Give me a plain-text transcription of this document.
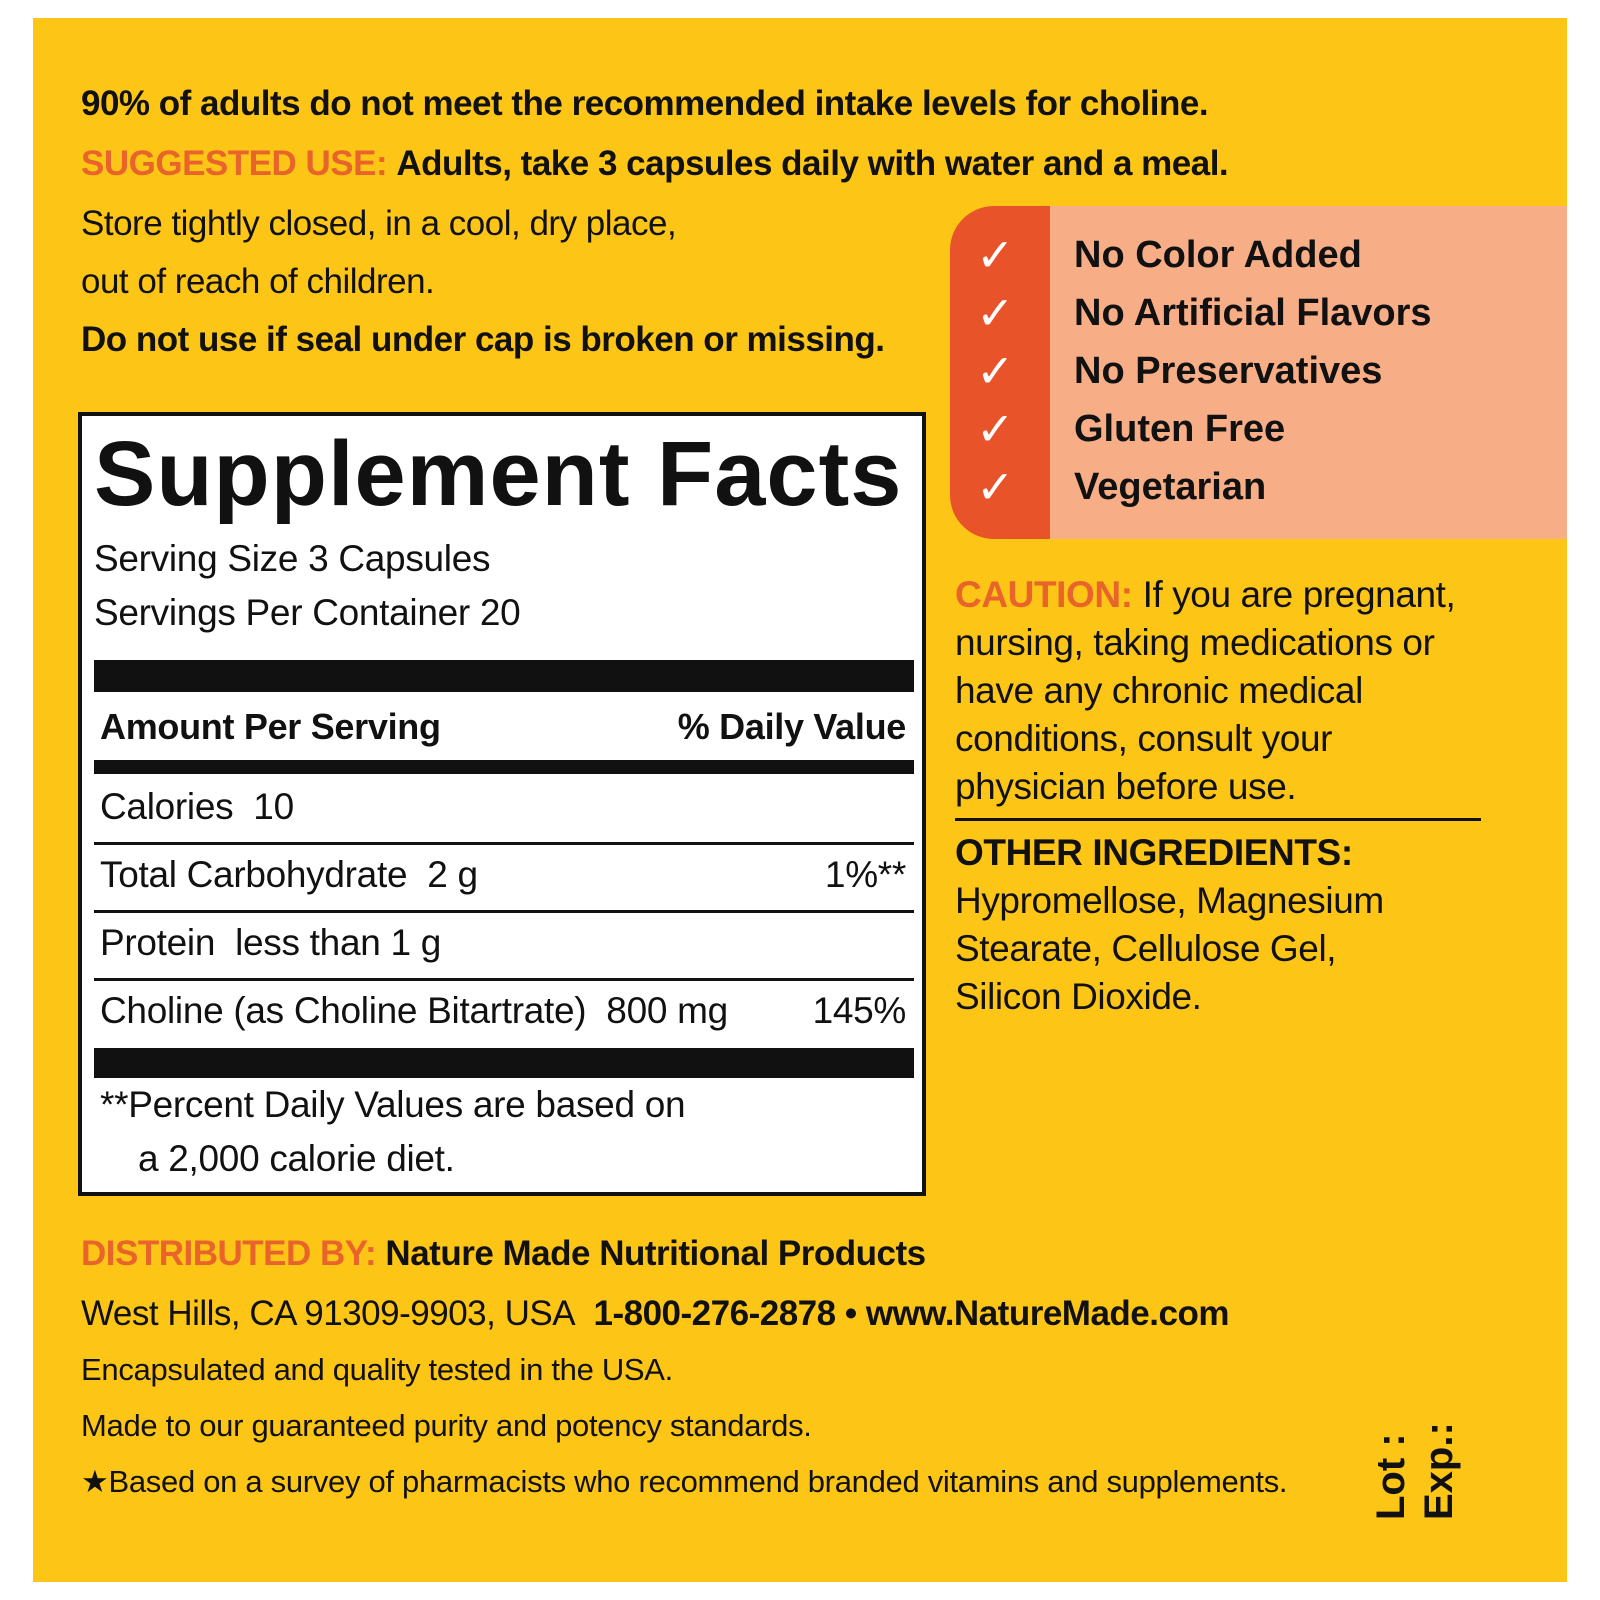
90% of adults do not meet the recommended intake levels for choline.
SUGGESTED USE: Adults, take 3 capsules daily with water and a meal.
Store tightly closed, in a cool, dry place,
out of reach of children.
Do not use if seal under cap is broken or missing.
Supplement Facts
Serving Size 3 Capsules
Servings Per Container 20
Amount Per Serving	% Daily Value
Calories 10
Total Carbohydrate 2 g	1%**
Protein less than 1 g
Choline (as Choline Bitartrate) 800 mg 145%
**Percent Daily Values are based on
a 2,000 calorie diet.
✓
✓
✓
✓
✓
No Color Added
No Artificial Flavors
No Preservatives
Gluten Free
Vegetarian
CAUTION: If you are pregnant,
nursing, taking medications or
have any chronic medical
conditions, consult your
physician before use.
OTHER INGREDIENTS:
Hypromellose, Magnesium
Stearate, Cellulose Gel,
Silicon Dioxide.
DISTRIBUTED BY: Nature Made Nutritional Products
West Hills, CA 91309-9903, USA 1-800-276-2878 • www.NatureMade.com
Encapsulated and quality tested in the USA.
Made to our guaranteed purity and potency standards.
★Based on a survey of pharmacists who recommend branded vitamins and supplements. Lot : Exp.:
